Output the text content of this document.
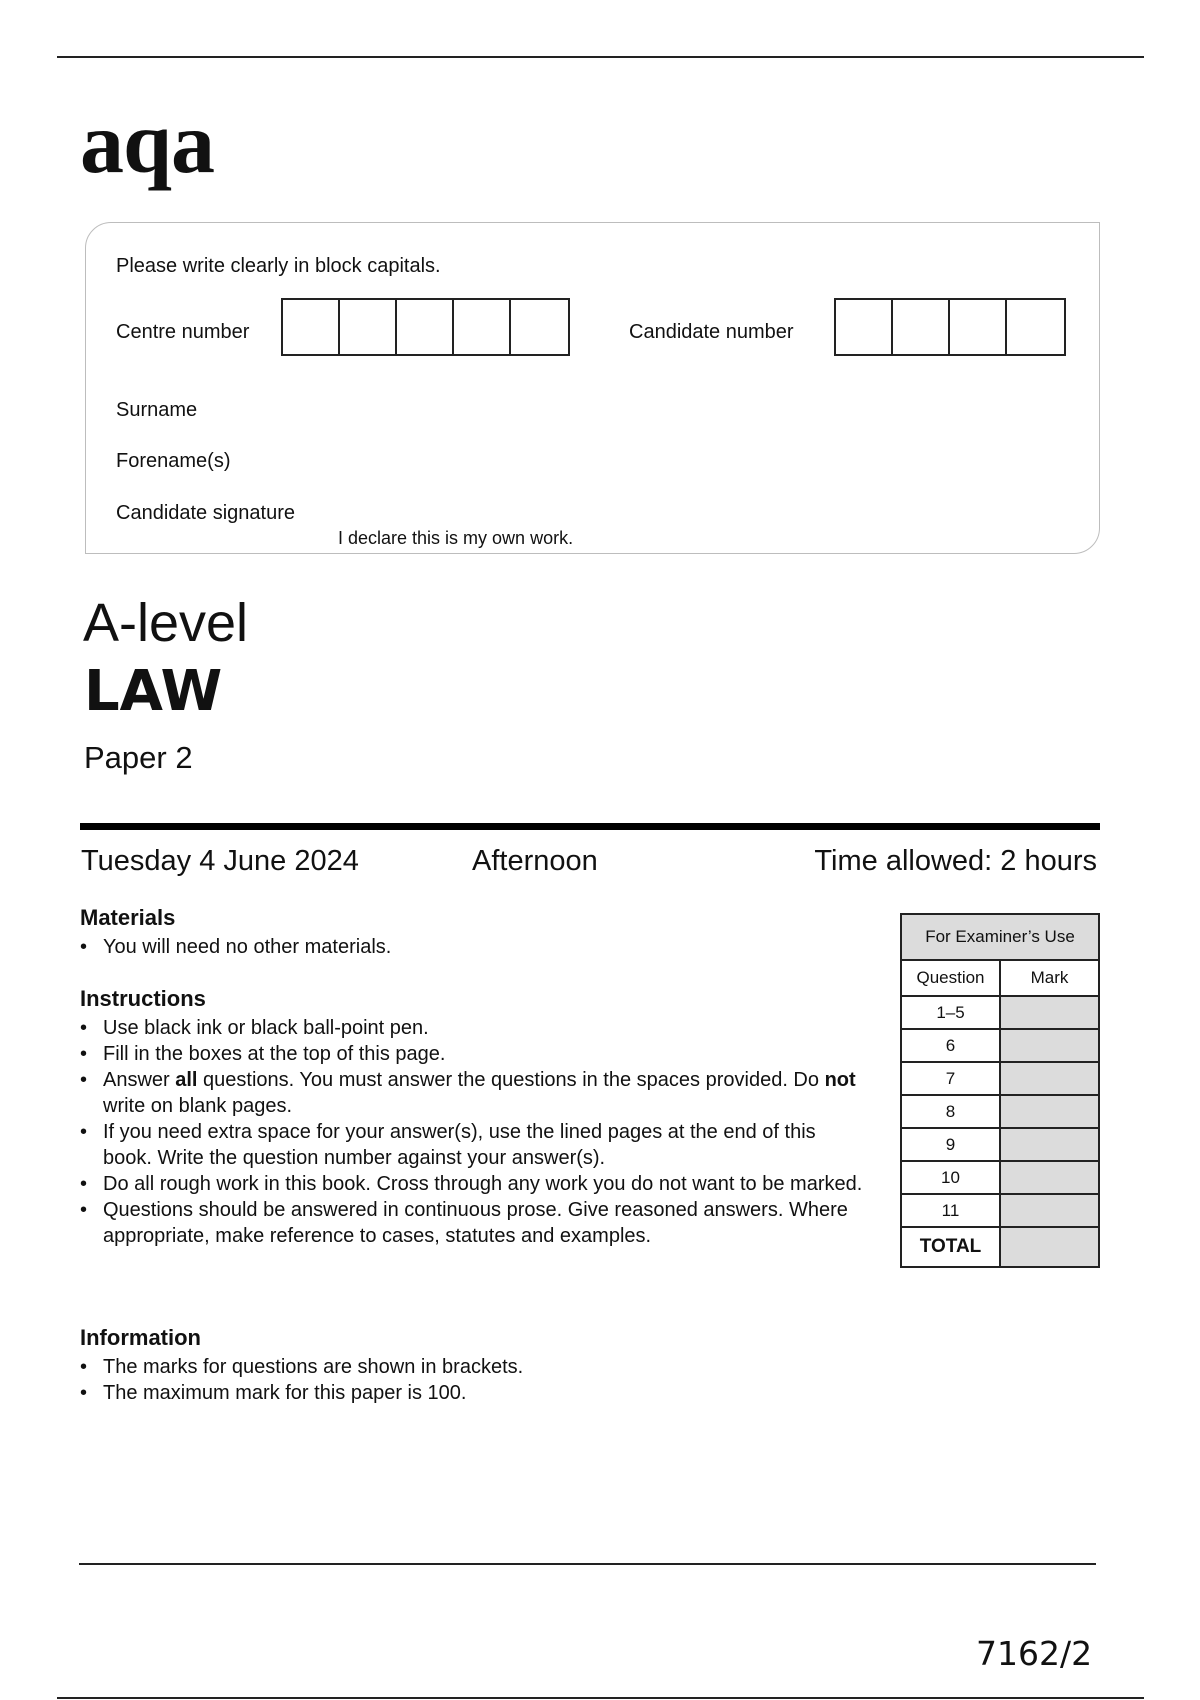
aqa
Please write clearly in block capitals.
Centre number	Candidate number
Surname
Forename(s)
Candidate signature
I declare this is my own work.
A-level
LAW
Paper 2
Tuesday 4 June 2024	Afternoon	Time allowed: 2 hours
Materials
• You will need no other materials.
Instructions
• Use black ink or black ball-point pen.
• Fill in the boxes at the top of this page.
• Answer all questions. You must answer the questions in the spaces provided. Do not write on blank pages.
• If you need extra space for your answer(s), use the lined pages at the end of this book. Write the question number against your answer(s).
• Do all rough work in this book. Cross through any work you do not want to be marked.
• Questions should be answered in continuous prose. Give reasoned answers. Where appropriate, make reference to cases, statutes and examples.
Information
• The marks for questions are shown in brackets.
• The maximum mark for this paper is 100.
For Examiner’s Use	
Question	Mark
1–5	
6	
7	
8	
9	
10	
11	
TOTAL	
7162/2
